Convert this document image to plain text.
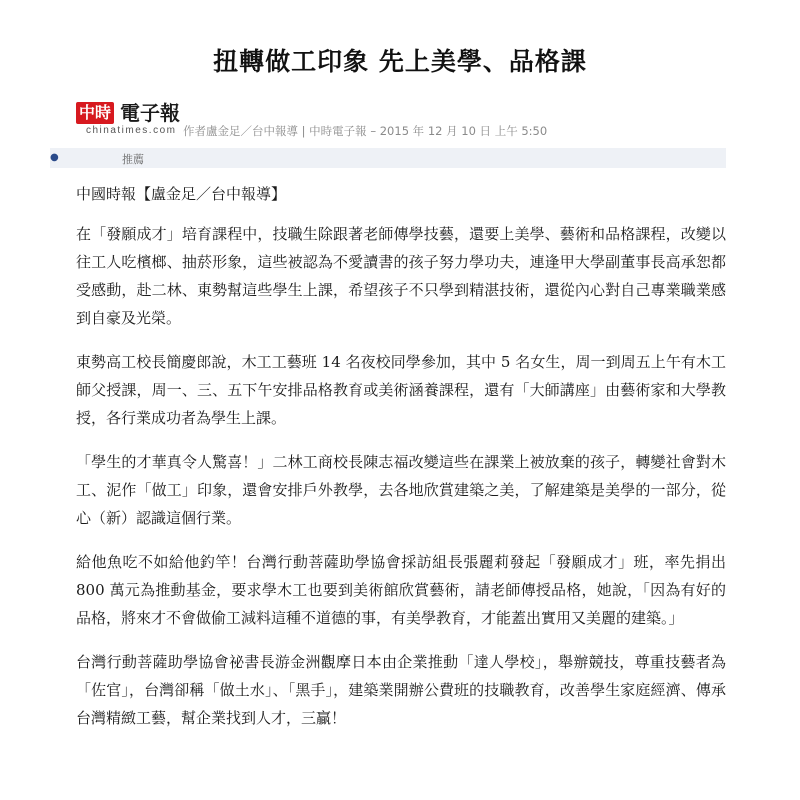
扭轉做工印象 先上美學、品格課
中時 電子報
chinatimes.com 作者盧金足／台中報導 | 中時電子報 – 2015 年 12 月 10 日 上午 5:50
●	推薦

中國時報【盧金足／台中報導】

在「發願成才」培育課程中，技職生除跟著老師傳學技藝，還要上美學、藝術和品格課程，改變以往工人吃檳榔、抽菸形象，這些被認為不愛讀書的孩子努力學功夫，連逢甲大學副董事長高承恕都受感動，赴二林、東勢幫這些學生上課，希望孩子不只學到精湛技術，還從內心對自己專業職業感到自豪及光榮。

東勢高工校長簡慶郎說，木工工藝班 14 名夜校同學參加，其中 5 名女生，周一到周五上午有木工師父授課，周一、三、五下午安排品格教育或美術涵養課程，還有「大師講座」由藝術家和大學教授，各行業成功者為學生上課。

「學生的才華真令人驚喜！」二林工商校長陳志福改變這些在課業上被放棄的孩子，轉變社會對木工、泥作「做工」印象，還會安排戶外教學，去各地欣賞建築之美，了解建築是美學的一部分，從心（新）認識這個行業。

給他魚吃不如給他釣竿！台灣行動菩薩助學協會採訪組長張麗莉發起「發願成才」班，率先捐出 800 萬元為推動基金，要求學木工也要到美術館欣賞藝術，請老師傳授品格，她說，「因為有好的品格，將來才不會做偷工減料這種不道德的事，有美學教育，才能蓋出實用又美麗的建築。」

台灣行動菩薩助學協會祕書長游金洲觀摩日本由企業推動「達人學校」，舉辦競技，尊重技藝者為「佐官」，台灣卻稱「做土水」、「黑手」，建築業開辦公費班的技職教育，改善學生家庭經濟、傳承台灣精緻工藝，幫企業找到人才，三贏！
